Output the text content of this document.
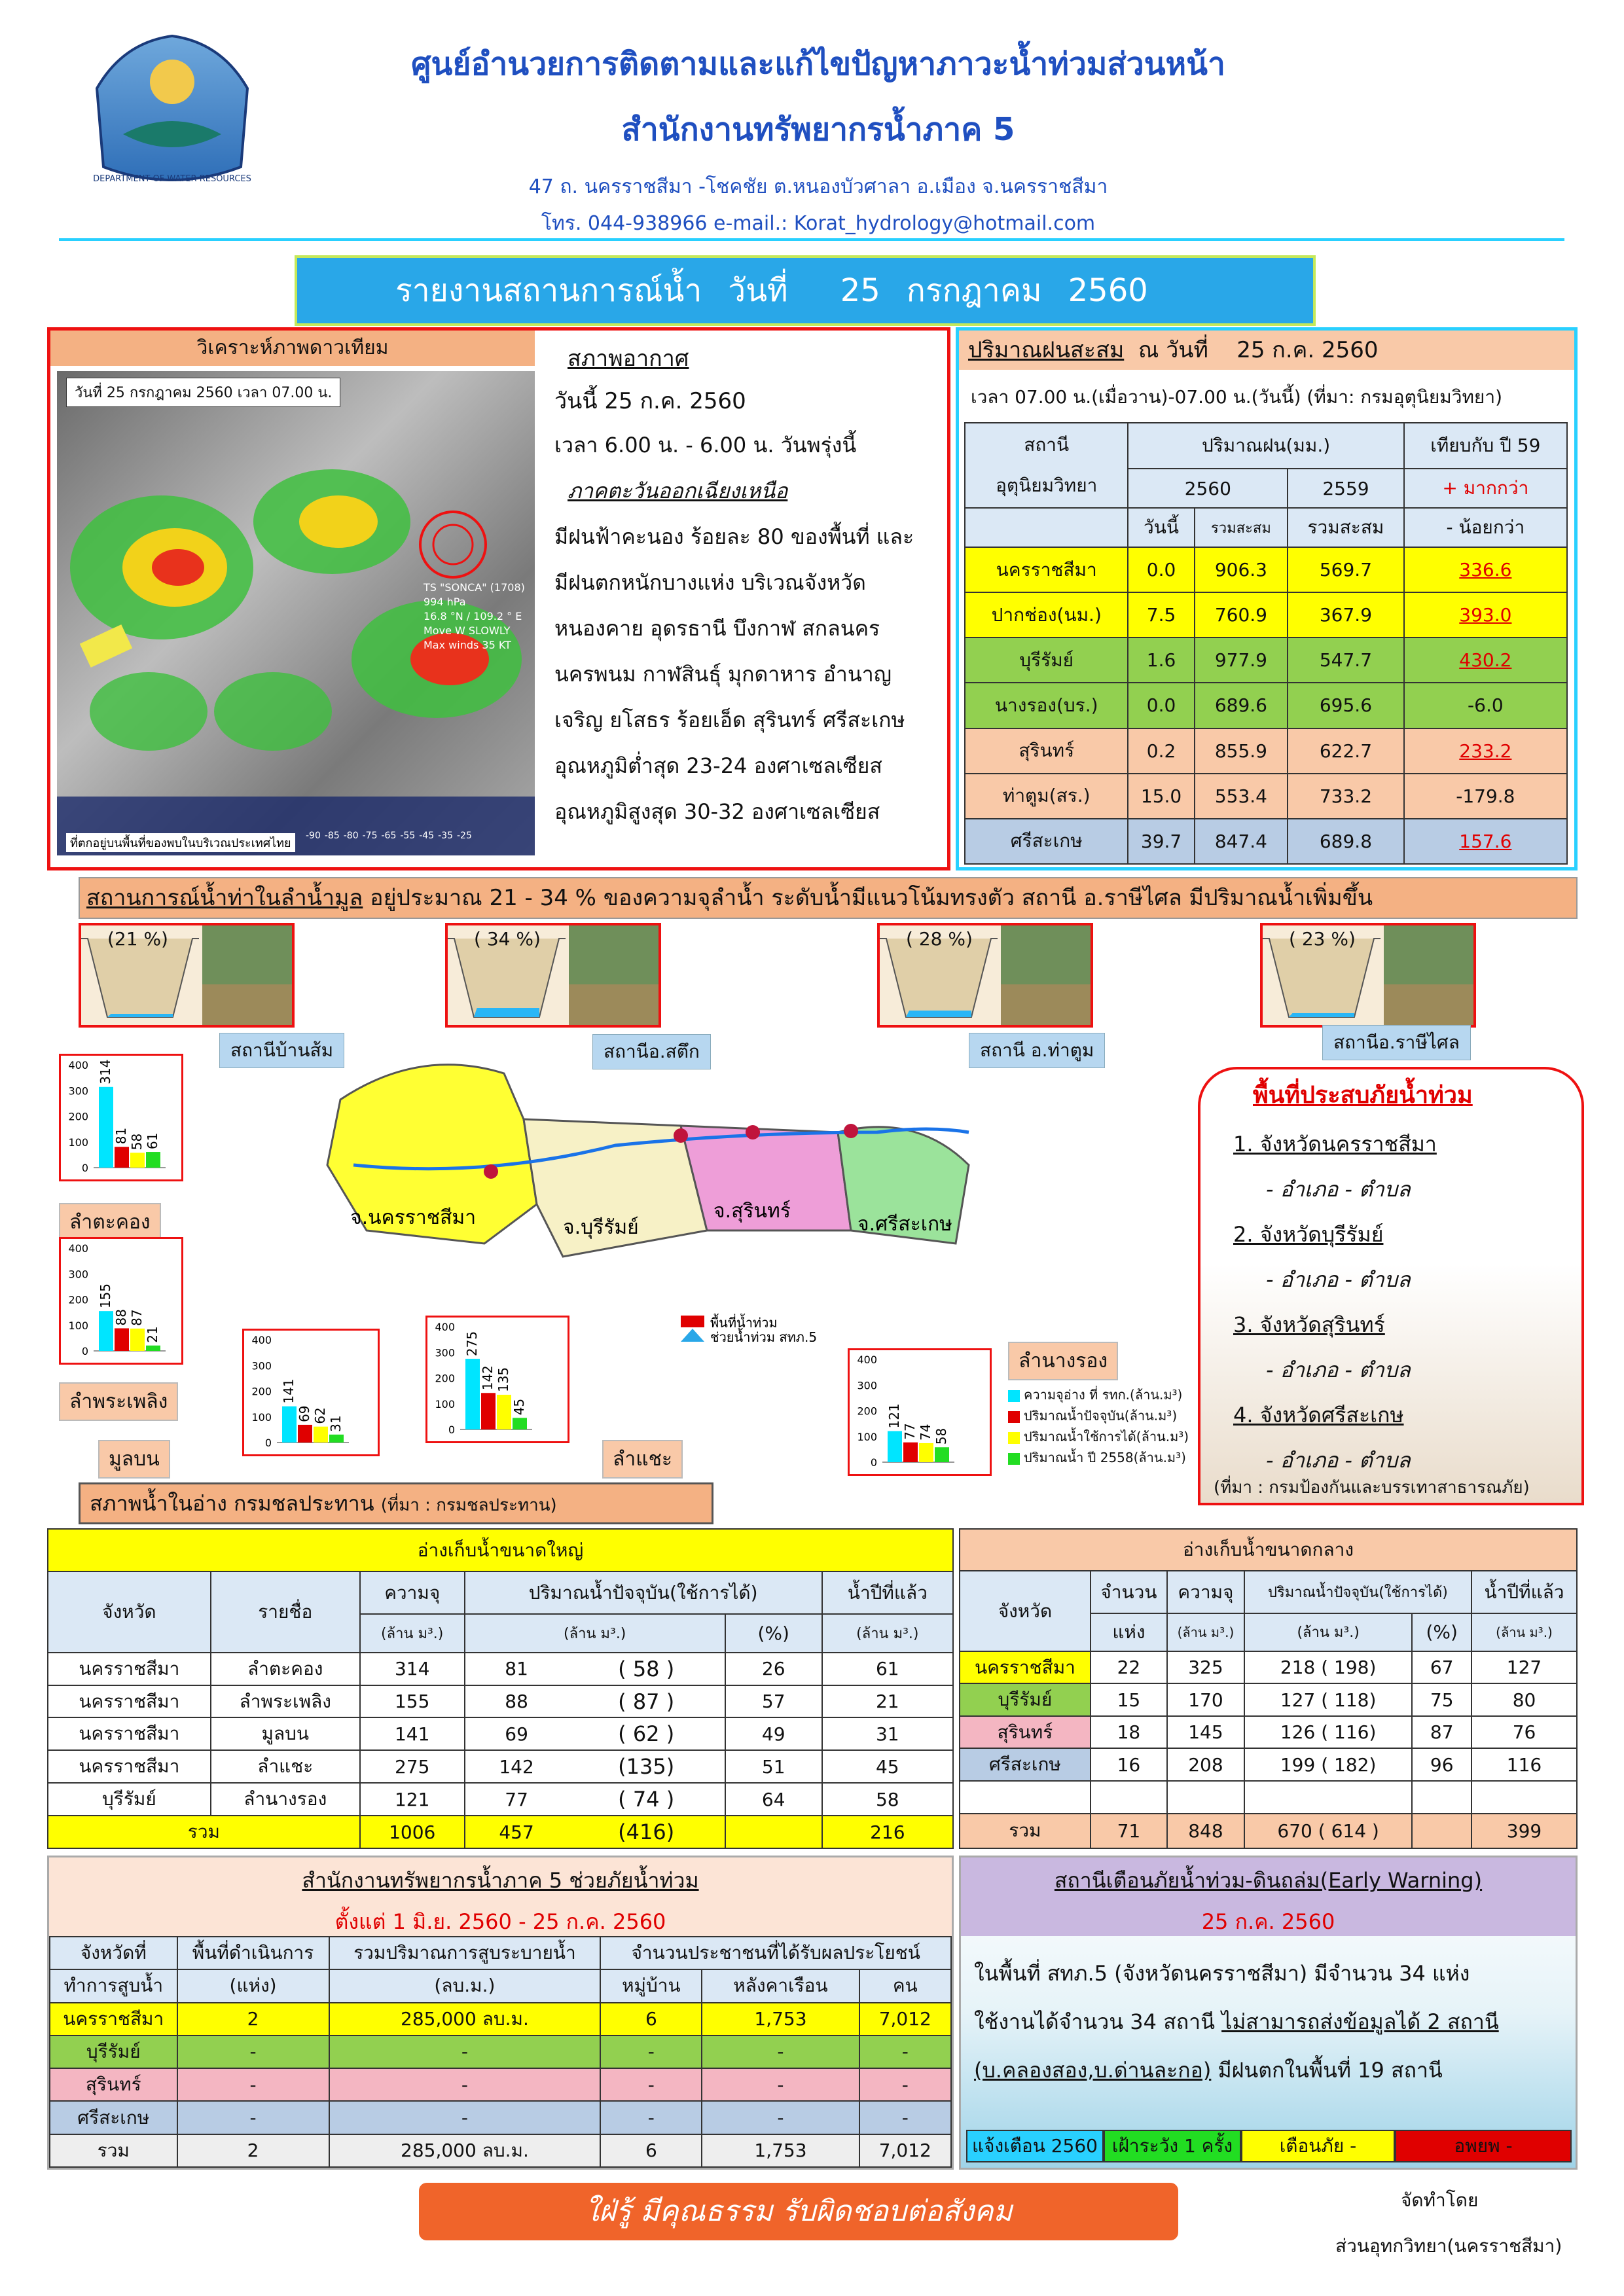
DEPARTMENT OF WATER RESOURCES
ศูนย์อำนวยการติดตามและแก้ไขปัญหาภาวะน้ำท่วมส่วนหน้า
สำนักงานทรัพยากรน้ำภาค 5
47 ถ. นครราชสีมา -โชคชัย ต.หนองบัวศาลา อ.เมือง จ.นครราชสีมา
โทร. 044-938966 e-mail.: Korat_hydrology@hotmail.com
รายงานสถานการณ์น้ำ วันที่ 25 กรกฎาคม 2560
วิเคราะห์ภาพดาวเทียม
วันที่ 25 กรกฎาคม 2560 เวลา 07.00 น.
TS "SONCA" (1708) 994 hPa
16.8 °N / 109.2 ° E
Move W SLOWLY
Max winds 35 KT
ที่ตกอยู่บนพื้นที่ของพบในบริเวณประเทศไทย
-90 -85 -80 -75 -65 -55 -45 -35 -25
สภาพอากาศ
วันนี้ 25 ก.ค. 2560
เวลา 6.00 น. - 6.00 น. วันพรุ่งนี้
ภาคตะวันออกเฉียงเหนือ
มีฝนฟ้าคะนอง ร้อยละ 80 ของพื้นที่ และ
มีฝนตกหนักบางแห่ง บริเวณจังหวัด
หนองคาย อุดรธานี บึงกาฬ สกลนคร
นครพนม กาฬสินธุ์ มุกดาหาร อำนาญ
เจริญ ยโสธร ร้อยเอ็ด สุรินทร์ ศรีสะเกษ
อุณหภูมิต่ำสุด 23-24 องศาเซลเซียส
อุณหภูมิสูงสุด 30-32 องศาเซลเซียส
ปริมาณฝนสะสม ณ วันที่ 25 ก.ค. 2560
เวลา 07.00 น.(เมื่อวาน)-07.00 น.(วันนี้) (ที่มา: กรมอุตุนิยมวิทยา)
สถานี
อุตุนิยมวิทยา	ปริมาณฝน(มม.)			เทียบกับ ปี 59
	2560		2559	+ มากกว่า
	วันนี้	รวมสะสม	รวมสะสม	- น้อยกว่า
นครราชสีมา	0.0	906.3	569.7	336.6
ปากช่อง(นม.)	7.5	760.9	367.9	393.0
บุรีรัมย์	1.6	977.9	547.7	430.2
นางรอง(บร.)	0.0	689.6	695.6	-6.0
สุรินทร์	0.2	855.9	622.7	233.2
ท่าตูม(สร.)	15.0	553.4	733.2	-179.8
ศรีสะเกษ	39.7	847.4	689.8	157.6
สถานการณ์น้ำท่าในลำน้ำมูล อยู่ประมาณ 21 - 34 % ของความจุลำน้ำ ระดับน้ำมีแนวโน้มทรงตัว สถานี อ.ราษีไศล มีปริมาณน้ำเพิ่มขึ้น
(21 %)
สถานีบ้านส้ม
( 34 %)
สถานีอ.สตึก
( 28 %)
สถานี อ.ท่าตูม
( 23 %)
สถานีอ.ราษีไศล
จ.นครราชสีมา	จ.บุรีรัมย์
จ.สุรินทร์
จ.ศรีสะเกษ
พื้นที่น้ำท่วม
ช่วยน้ำท่วม สทภ.5
400
300
200
100
0
314
81 58 61
ลำตะคอง
400
300
200
100
0
155
88 87
21
ลำพระเพลิง
400
300
200
100
0
141
69 62 31
มูลบน
400
300
200
100
0
275
142 135
45
ลำแชะ
400
300
200
100
0
121
77 74 58
ลำนางรอง
ความจุอ่าง ที่ รทก.(ล้าน.ม³)
ปริมาณน้ำปัจจุบัน(ล้าน.ม³)
ปริมาณน้ำใช้การได้(ล้าน.ม³)
ปริมาณน้ำ ปี 2558(ล้าน.ม³)
พื้นที่ประสบภัยน้ำท่วม
1. จังหวัดนครราชสีมา
- อำเภอ - ตำบล
2. จังหวัดบุรีรัมย์
- อำเภอ - ตำบล
3. จังหวัดสุรินทร์
- อำเภอ - ตำบล
4. จังหวัดศรีสะเกษ
- อำเภอ - ตำบล
(ที่มา : กรมป้องกันและบรรเทาสาธารณภัย)
สภาพน้ำในอ่าง กรมชลประทาน (ที่มา : กรมชลประทาน)
อ่างเก็บน้ำขนาดใหญ่						
จังหวัด	รายชื่อ	ความจุ	ปริมาณน้ำปัจจุบัน(ใช้การได้)			น้ำปีที่แล้ว
		(ล้าน ม³.)	(ล้าน ม³.)		(%)	(ล้าน ม³.)
นครราชสีมา	ลำตะคอง	314	81	( 58 )	26	61
นครราชสีมา	ลำพระเพลิง	155	88	( 87 )	57	21
นครราชสีมา	มูลบน	141	69	( 62 )	49	31
นครราชสีมา	ลำแชะ	275	142	(135)	51	45
บุรีรัมย์	ลำนางรอง	121	77	( 74 )	64	58
รวม		1006	457	(416)		216
อ่างเก็บน้ำขนาดกลาง					
จังหวัด	จำนวน	ความจุ	ปริมาณน้ำปัจจุบัน(ใช้การได้)		น้ำปีที่แล้ว
	แห่ง	(ล้าน ม³.)	(ล้าน ม³.)	(%)	(ล้าน ม³.)
นครราชสีมา	22	325	218 ( 198)	67	127
บุรีรัมย์	15	170	127 ( 118)	75	80
สุรินทร์	18	145	126 ( 116)	87	76
ศรีสะเกษ	16	208	199 ( 182)	96	116

รวม	71	848	670 ( 614 )		399
สำนักงานทรัพยากรน้ำภาค 5 ช่วยภัยน้ำท่วม
ตั้งแต่ 1 มิ.ย. 2560 - 25 ก.ค. 2560
จังหวัดที่	พื้นที่ดำเนินการ	รวมปริมาณการสูบระบายน้ำ	จำนวนประชาชนที่ได้รับผลประโยชน์		
ทำการสูบน้ำ	(แห่ง)	(ลบ.ม.)	หมู่บ้าน	หลังคาเรือน	คน
นครราชสีมา	2	285,000 ลบ.ม.	6	1,753	7,012
บุรีรัมย์	-	-	-	-	-
สุรินทร์	-	-	-	-	-
ศรีสะเกษ	-	-	-	-	-
รวม	2	285,000 ลบ.ม.	6	1,753	7,012
สถานีเตือนภัยน้ำท่วม-ดินถล่ม(Early Warning)
25 ก.ค. 2560
ในพื้นที่ สทภ.5 (จังหวัดนครราชสีมา) มีจำนวน 34 แห่ง
ใช้งานได้จำนวน 34 สถานี ไม่สามารถส่งข้อมูลได้ 2 สถานี
(บ.คลองสอง,บ.ด่านละกอ) มีฝนตกในพื้นที่ 19 สถานี
แจ้งเตือน 2560 เฝ้าระวัง 1 ครั้ง	เตือนภัย -	อพยพ -
ใฝ่รู้ มีคุณธรรม รับผิดชอบต่อสังคม	จัดทำโดย
ส่วนอุทกวิทยา(นครราชสีมา)
